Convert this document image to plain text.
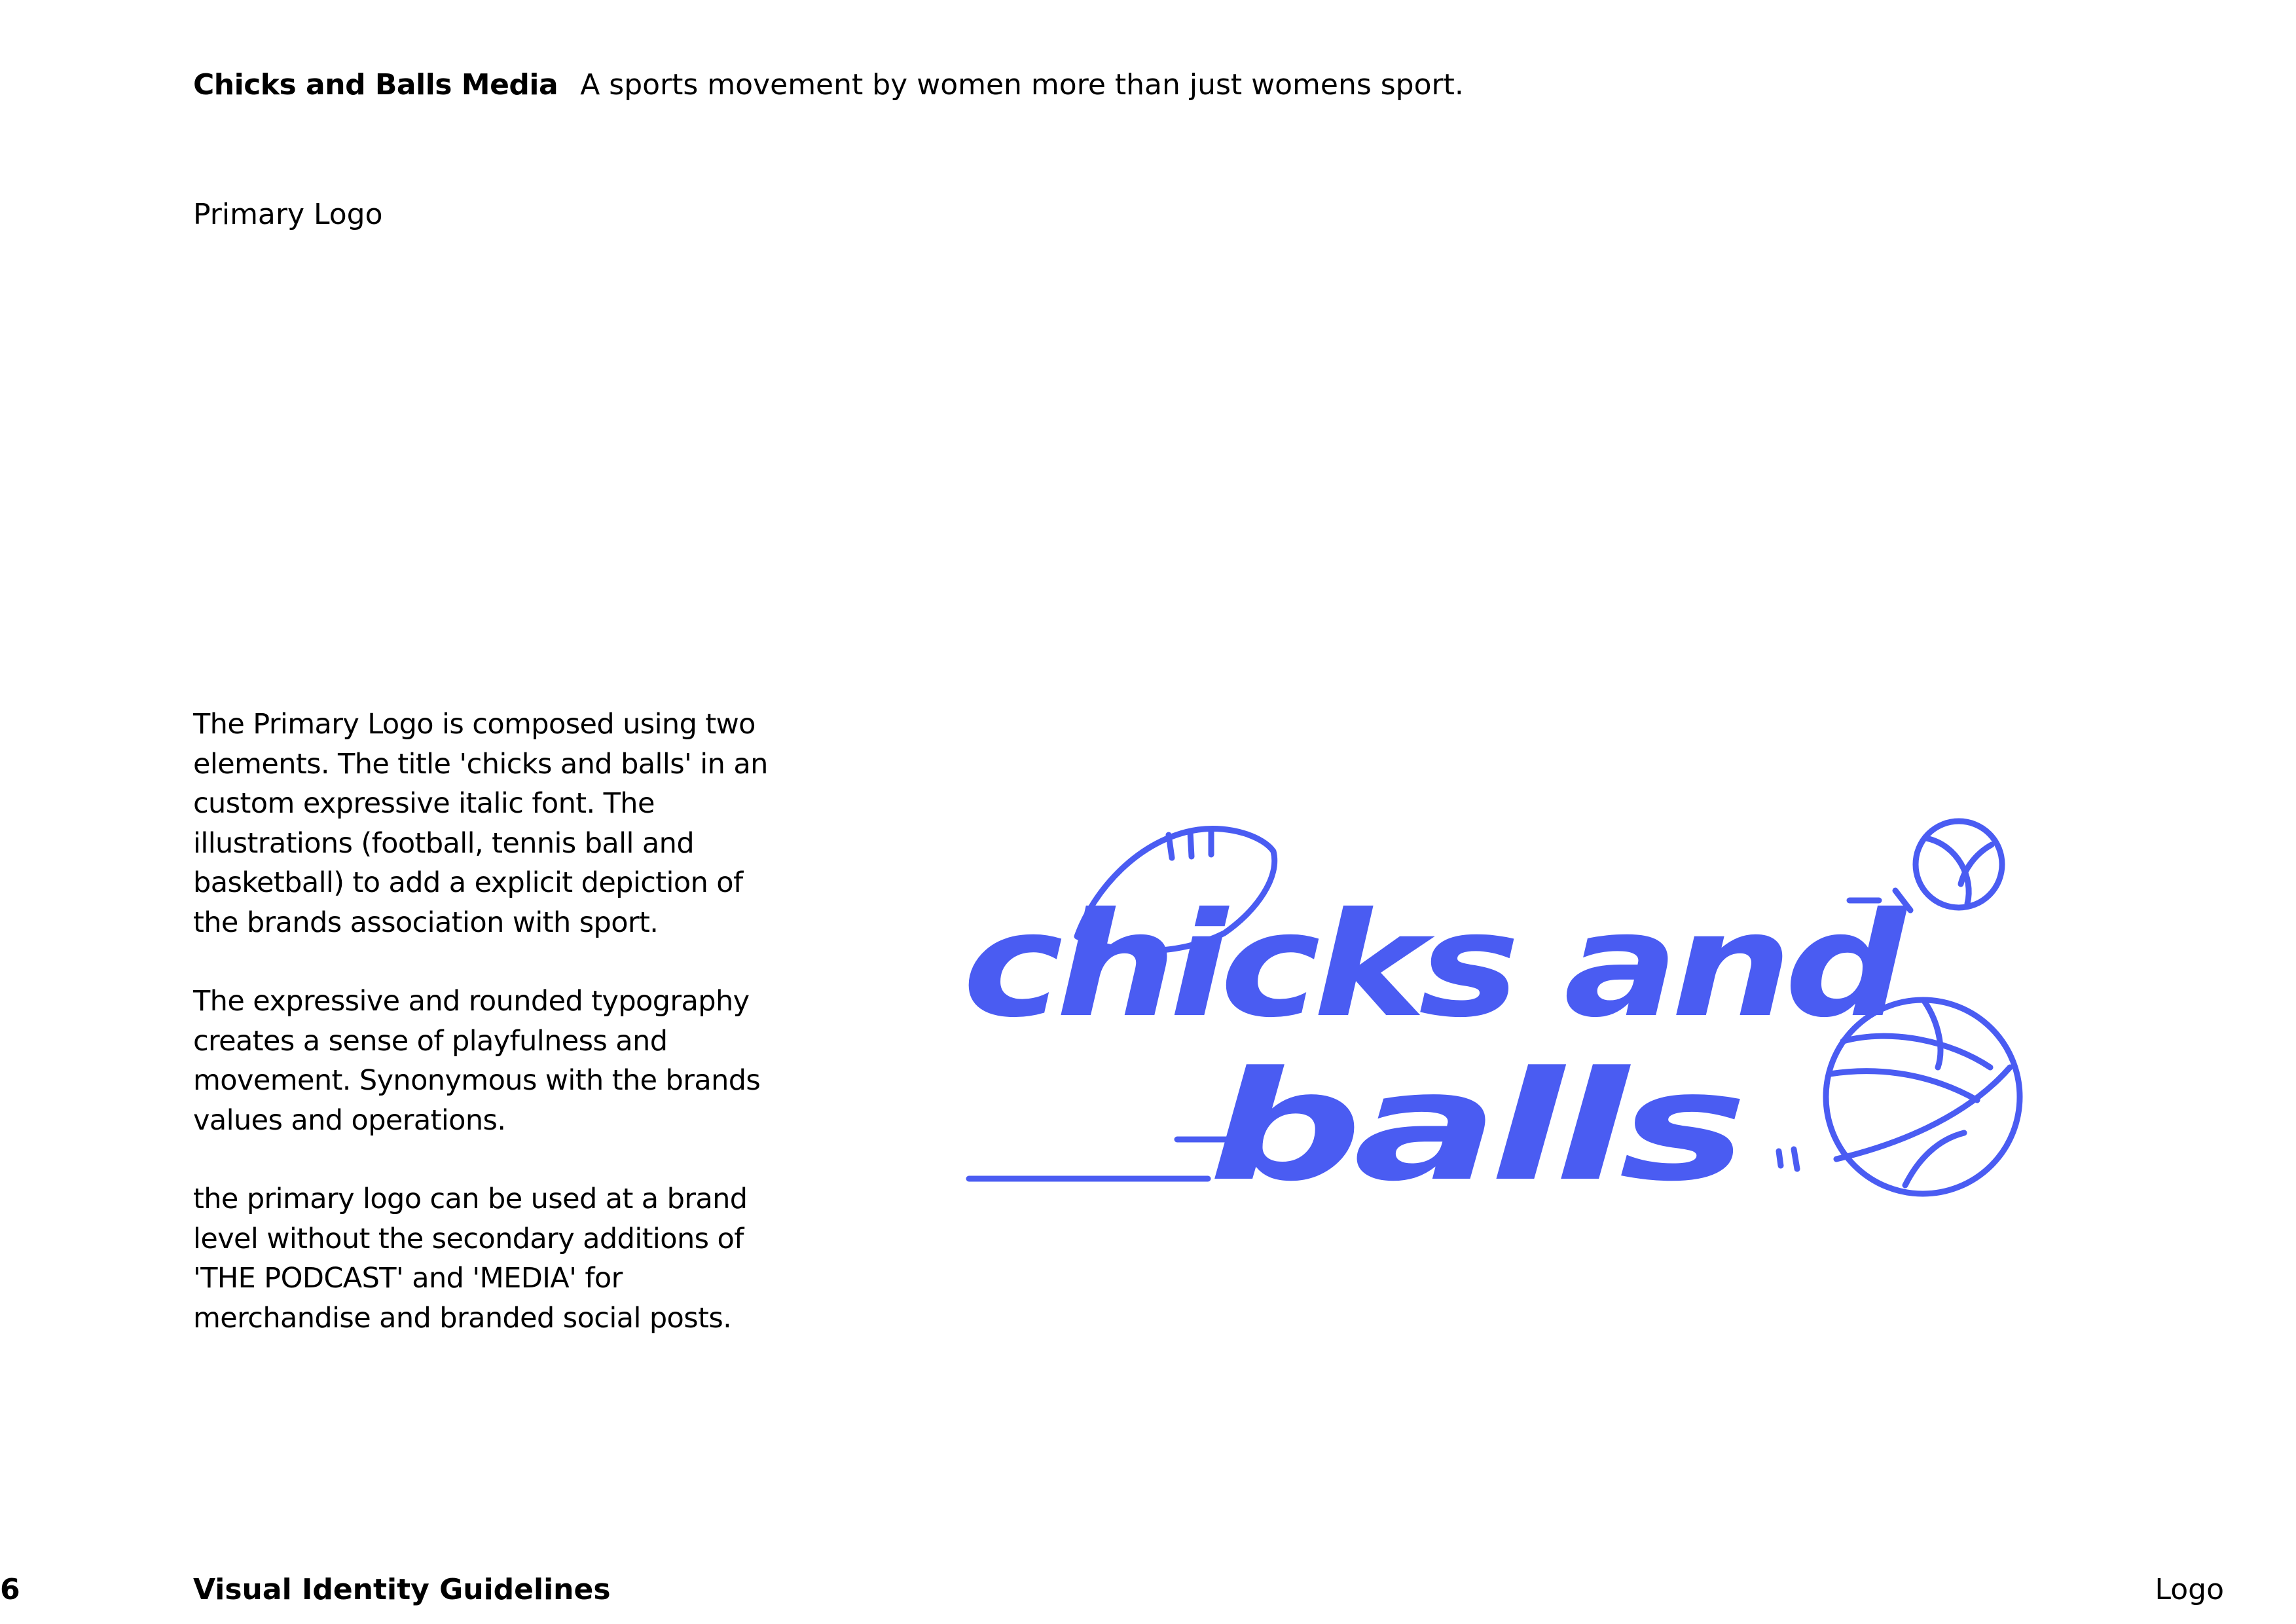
Chicks and Balls Media A sports movement by women more than just womens sport.
Primary Logo

The Primary Logo is composed using two elements. The title 'chicks and balls' in an custom expressive italic font. The illustrations (football, tennis ball and basketball) to add a explicit depiction of the brands association with sport.

The expressive and rounded typography creates a sense of playfulness and movement. Synonymous with the brands values and operations.

the primary logo can be used at a brand level without the secondary additions of 'THE PODCAST' and 'MEDIA' for merchandise and branded social posts.

chicks and
balls
6	Visual Identity Guidelines	Logo
